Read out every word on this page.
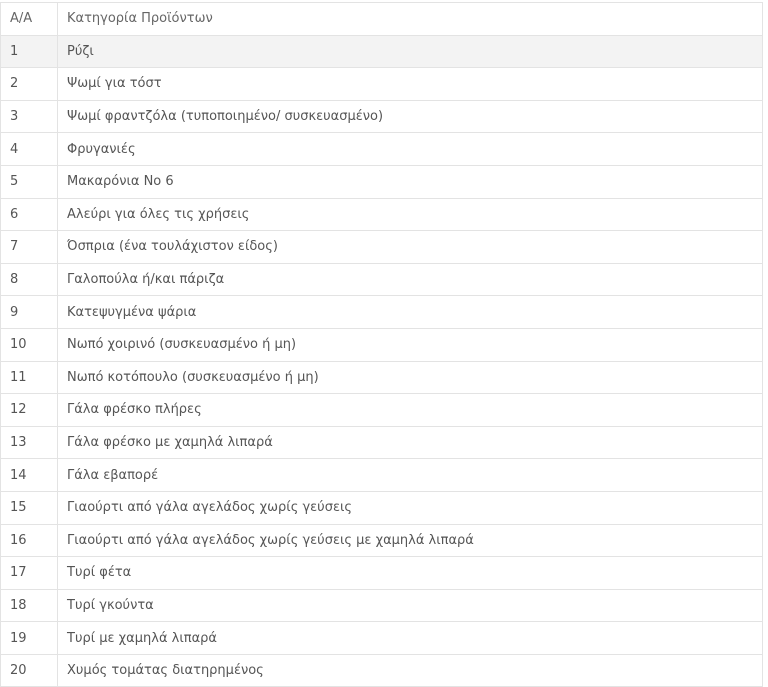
Α/Α	Κατηγορία Προϊόντων
1	Ρύζι
2	Ψωμί για τόστ
3	Ψωμί φραντζόλα (τυποποιημένο/ συσκευασμένο)
4	Φρυγανιές
5	Μακαρόνια Νο 6
6	Αλεύρι για όλες τις χρήσεις
7	Όσπρια (ένα τουλάχιστον είδος)
8	Γαλοπούλα ή/και πάριζα
9	Κατεψυγμένα ψάρια
10	Νωπό χοιρινό (συσκευασμένο ή μη)
11	Νωπό κοτόπουλο (συσκευασμένο ή μη)
12	Γάλα φρέσκο πλήρες
13	Γάλα φρέσκο με χαμηλά λιπαρά
14	Γάλα εβαπορέ
15	Γιαούρτι από γάλα αγελάδος χωρίς γεύσεις
16	Γιαούρτι από γάλα αγελάδος χωρίς γεύσεις με χαμηλά λιπαρά
17	Τυρί φέτα
18	Τυρί γκούντα
19	Τυρί με χαμηλά λιπαρά
20	Χυμός τομάτας διατηρημένος
